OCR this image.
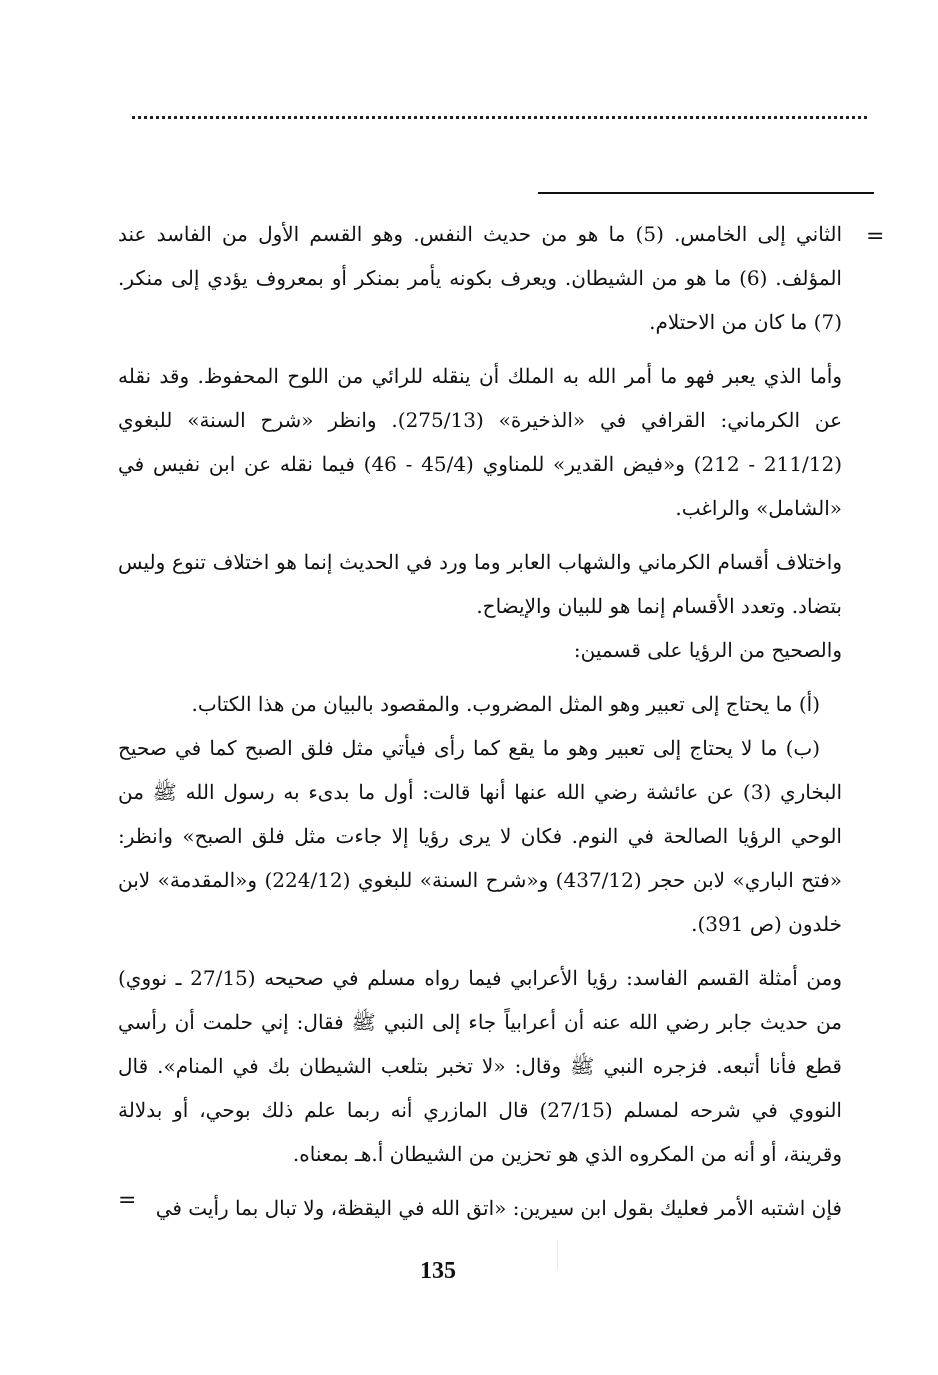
=
=

الثاني إلى الخامس. (5) ما هو من حديث النفس. وهو القسم الأول من الفاسد عند المؤلف. (6) ما هو من الشيطان. ويعرف بكونه يأمر بمنكر أو بمعروف يؤدي إلى منكر. (7) ما كان من الاحتلام.

وأما الذي يعبر فهو ما أمر الله به الملك أن ينقله للرائي من اللوح المحفوظ. وقد نقله عن الكرماني: القرافي في «الذخيرة» (275/13). وانظر «شرح السنة» للبغوي (211/12 - 212) و«فيض القدير» للمناوي (45/4 - 46) فيما نقله عن ابن نفيس في «الشامل» والراغب.

واختلاف أقسام الكرماني والشهاب العابر وما ورد في الحديث إنما هو اختلاف تنوع وليس بتضاد. وتعدد الأقسام إنما هو للبيان والإيضاح.

والصحيح من الرؤيا على قسمين:

(أ) ما يحتاج إلى تعبير وهو المثل المضروب. والمقصود بالبيان من هذا الكتاب.

(ب) ما لا يحتاج إلى تعبير وهو ما يقع كما رأى فيأتي مثل فلق الصبح كما في صحيح البخاري (3) عن عائشة رضي الله عنها أنها قالت: أول ما بدىء به رسول الله ﷺ من الوحي الرؤيا الصالحة في النوم. فكان لا يرى رؤيا إلا جاءت مثل فلق الصبح» وانظر: «فتح الباري» لابن حجر (437/12) و«شرح السنة» للبغوي (224/12) و«المقدمة» لابن خلدون (ص 391).

ومن أمثلة القسم الفاسد: رؤيا الأعرابي فيما رواه مسلم في صحيحه (27/15 ـ نووي) من حديث جابر رضي الله عنه أن أعرابياً جاء إلى النبي ﷺ فقال: إني حلمت أن رأسي قطع فأنا أتبعه. فزجره النبي ﷺ وقال: «لا تخبر بتلعب الشيطان بك في المنام». قال النووي في شرحه لمسلم (27/15) قال المازري أنه ربما علم ذلك بوحي، أو بدلالة وقرينة، أو أنه من المكروه الذي هو تحزين من الشيطان أ.هـ بمعناه.

فإن اشتبه الأمر فعليك بقول ابن سيرين: «اتق الله في اليقظة، ولا تبال بما رأيت في

135
